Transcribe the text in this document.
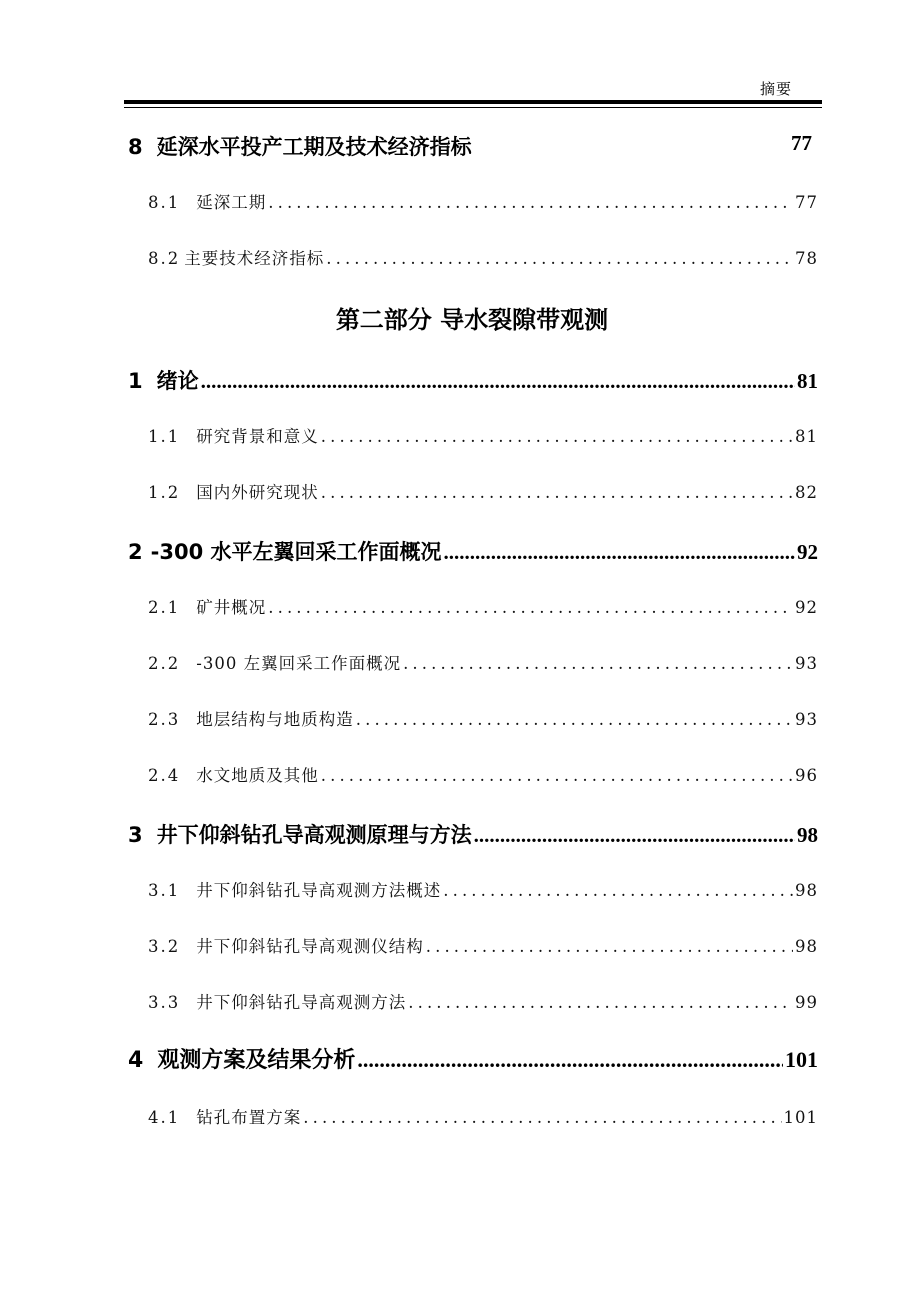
摘要
8 延深水平投产工期及技术经济指标	77
8.1 延深工期 .....	77
8.2 主要技术经济指标 .....	78
第二部分 导水裂隙带观测
1 绪论 .....	81
1.1 研究背景和意义 .....	81
1.2 国内外研究现状 .....	82
2 -300 水平左翼回采工作面概况 .....	92
2.1 矿井概况 .....	92
2.2 -300 左翼回采工作面概况 .....	93
2.3 地层结构与地质构造 .....	93
2.4 水文地质及其他 .....	96
3 井下仰斜钻孔导高观测原理与方法 .....	98
3.1 井下仰斜钻孔导高观测方法概述 .....	98
3.2 井下仰斜钻孔导高观测仪结构 .....	98
3.3 井下仰斜钻孔导高观测方法 .....	99
4 观测方案及结果分析 .....	101
4.1 钻孔布置方案 .....	101
